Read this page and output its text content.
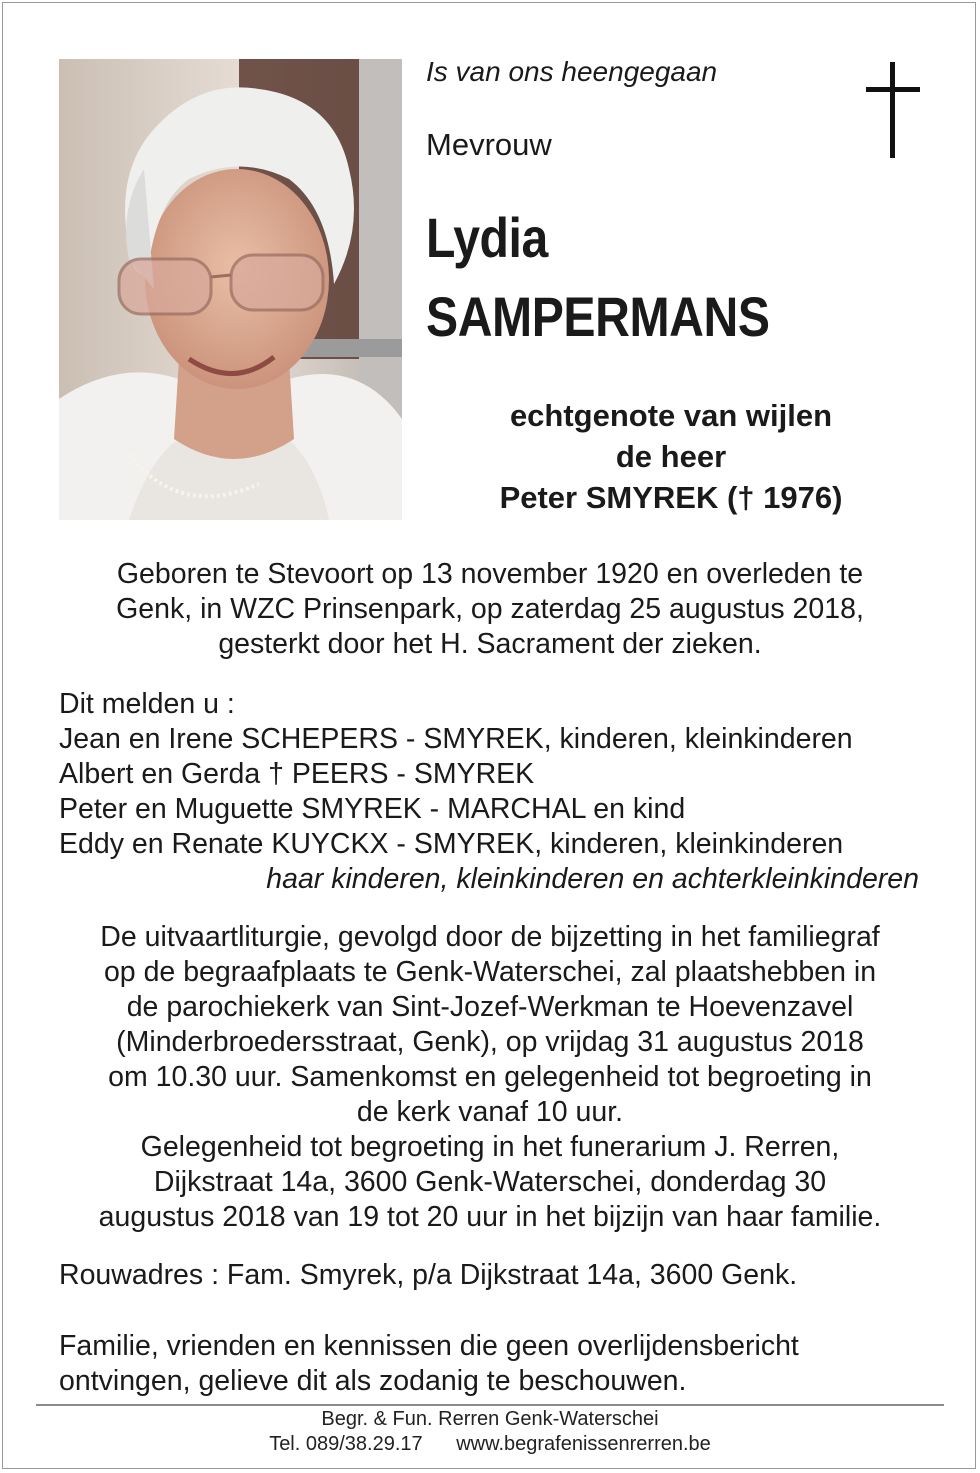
Is van ons heengegaan
Mevrouw
Lydia
SAMPERMANS
echtgenote van wijlen
de heer
Peter SMYREK († 1976)
Geboren te Stevoort op 13 november 1920 en overleden te
Genk, in WZC Prinsenpark, op zaterdag 25 augustus 2018,
gesterkt door het H. Sacrament der zieken.
Dit melden u :
Jean en Irene SCHEPERS - SMYREK, kinderen, kleinkinderen
Albert en Gerda † PEERS - SMYREK
Peter en Muguette SMYREK - MARCHAL en kind
Eddy en Renate KUYCKX - SMYREK, kinderen, kleinkinderen
haar kinderen, kleinkinderen en achterkleinkinderen
De uitvaartliturgie, gevolgd door de bijzetting in het familiegraf
op de begraafplaats te Genk-Waterschei, zal plaatshebben in
de parochiekerk van Sint-Jozef-Werkman te Hoevenzavel
(Minderbroedersstraat, Genk), op vrijdag 31 augustus 2018
om 10.30 uur. Samenkomst en gelegenheid tot begroeting in
de kerk vanaf 10 uur.
Gelegenheid tot begroeting in het funerarium J. Rerren,
Dijkstraat 14a, 3600 Genk-Waterschei, donderdag 30
augustus 2018 van 19 tot 20 uur in het bijzijn van haar familie.
Rouwadres : Fam. Smyrek, p/a Dijkstraat 14a, 3600 Genk.
Familie, vrienden en kennissen die geen overlijdensbericht
ontvingen, gelieve dit als zodanig te beschouwen.
Begr. & Fun. Rerren Genk-Waterschei
Tel. 089/38.29.17 www.begrafenissenrerren.be
